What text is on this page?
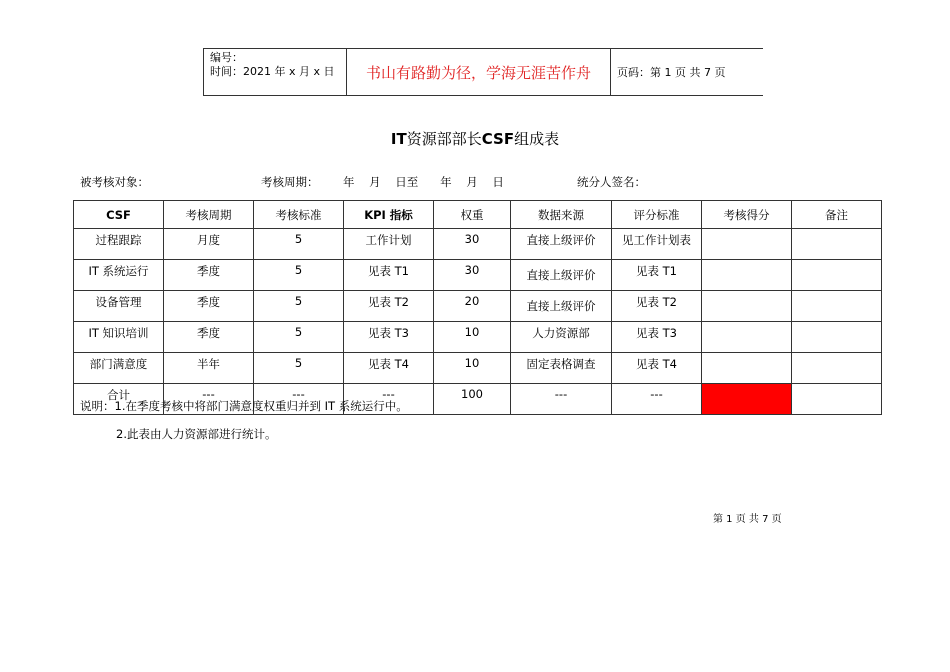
编号：
时间：2021 年 x 月 x 日	书山有路勤为径，学海无涯苦作舟	页码：第 1 页 共 7 页
IT资源部部长CSF组成表
被考核对象：	考核周期： 年    月    日至      年    月    日	统分人签名：
CSF	考核周期	考核标准	KPI 指标	权重	数据来源	评分标准	考核得分	备注
过程跟踪	月度	5	工作计划	30	直接上级评价	见工作计划表		
IT 系统运行	季度	5	见表 T1	30	直接上级评价	见表 T1		
设备管理	季度	5	见表 T2	20	直接上级评价	见表 T2		
IT 知识培训	季度	5	见表 T3	10	人力资源部	见表 T3		
部门满意度	半年	5	见表 T4	10	固定表格调查	见表 T4		
合计	---	---	---	100	---	---		
说明：1.在季度考核中将部门满意度权重归并到 IT 系统运行中。
2.此表由人力资源部进行统计。
第 1 页 共 7 页
